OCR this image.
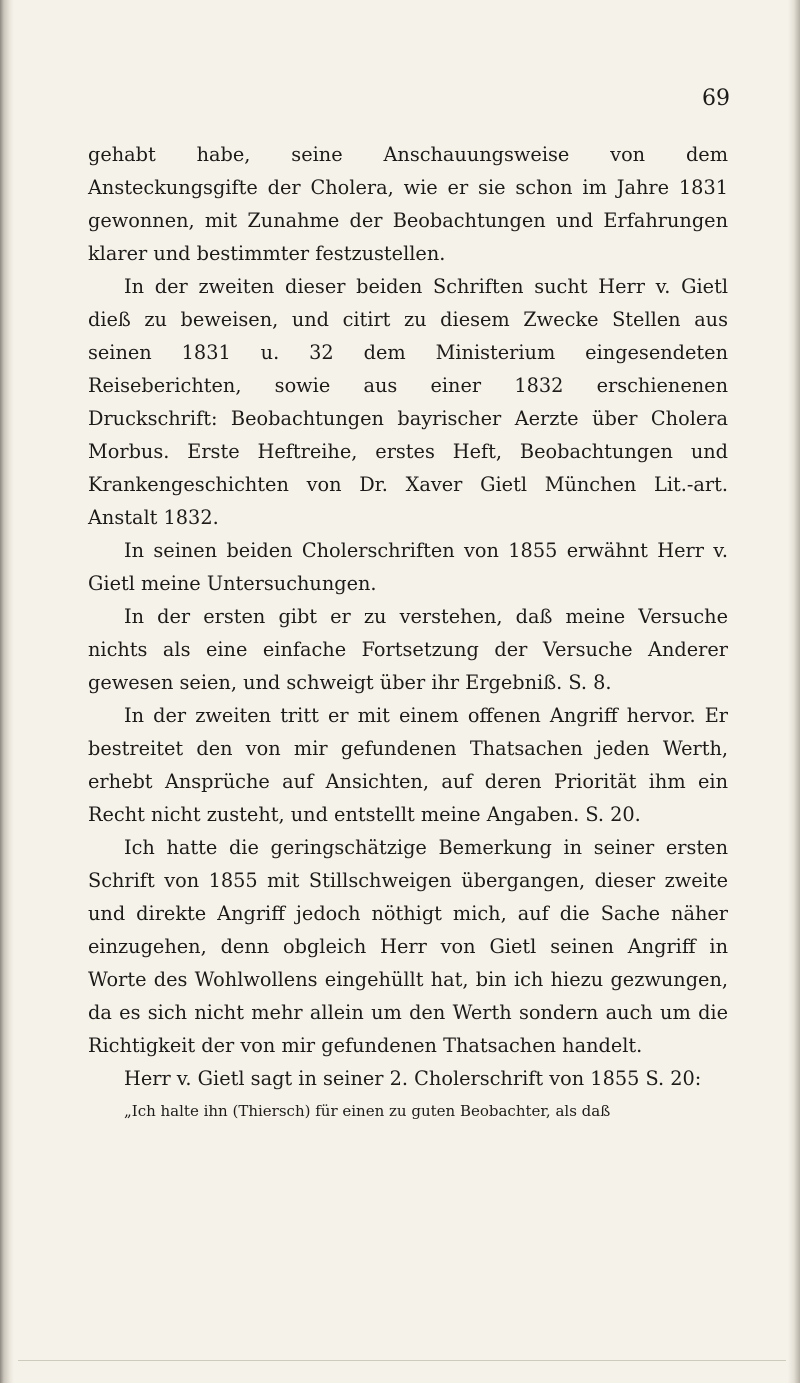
69

gehabt habe, seine Anschauungsweise von dem Ansteckungsgifte der Cholera, wie er sie schon im Jahre 1831 gewonnen, mit Zunahme der Beobachtungen und Erfahrungen klarer und bestimmter festzustellen.

In der zweiten dieser beiden Schriften sucht Herr v. Gietl dieß zu beweisen, und citirt zu diesem Zwecke Stellen aus seinen 1831 u. 32 dem Ministerium eingesendeten Reiseberichten, sowie aus einer 1832 erschienenen Druckschrift: Beobachtungen bayrischer Aerzte über Cholera Morbus. Erste Heftreihe, erstes Heft, Beobachtungen und Krankengeschichten von Dr. Xaver Gietl München Lit.-art. Anstalt 1832.

In seinen beiden Cholerschriften von 1855 erwähnt Herr v. Gietl meine Untersuchungen.

In der ersten gibt er zu verstehen, daß meine Versuche nichts als eine einfache Fortsetzung der Versuche Anderer gewesen seien, und schweigt über ihr Ergebniß. S. 8.

In der zweiten tritt er mit einem offenen Angriff hervor. Er bestreitet den von mir gefundenen Thatsachen jeden Werth, erhebt Ansprüche auf Ansichten, auf deren Priorität ihm ein Recht nicht zusteht, und entstellt meine Angaben. S. 20.

Ich hatte die geringschätzige Bemerkung in seiner ersten Schrift von 1855 mit Stillschweigen übergangen, dieser zweite und direkte Angriff jedoch nöthigt mich, auf die Sache näher einzugehen, denn obgleich Herr von Gietl seinen Angriff in Worte des Wohlwollens eingehüllt hat, bin ich hiezu gezwungen, da es sich nicht mehr allein um den Werth sondern auch um die Richtigkeit der von mir gefundenen Thatsachen handelt.

Herr v. Gietl sagt in seiner 2. Cholerschrift von 1855 S. 20:

„Ich halte ihn (Thiersch) für einen zu guten Beobachter, als daß
